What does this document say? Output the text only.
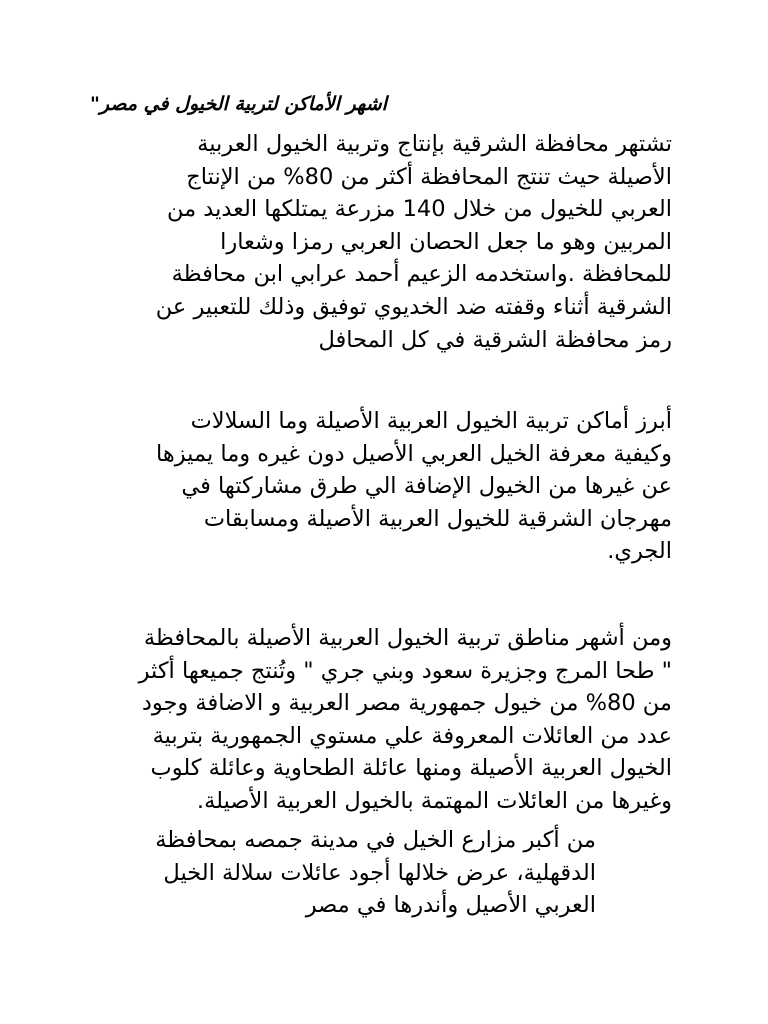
اشهر الأماكن لتربية الخيول في مصر"
تشتهر محافظة الشرقية بإنتاج وتربية الخيول العربية
الأصيلة حيث تنتج المحافظة أكثر من 80% من الإنتاج
العربي للخيول من خلال 140 مزرعة يمتلكها العديد من
المربين وهو ما جعل الحصان العربي رمزا وشعارا
للمحافظة .واستخدمه الزعيم أحمد عرابي ابن محافظة
الشرقية أثناء وقفته ضد الخديوي توفيق وذلك للتعبير عن
رمز محافظة الشرقية في كل المحافل
أبرز أماكن تربية الخيول العربية الأصيلة وما السلالات
وكيفية معرفة الخيل العربي الأصيل دون غيره وما يميزها
عن غيرها من الخيول الإضافة الي طرق مشاركتها في
مهرجان الشرقية للخيول العربية الأصيلة ومسابقات
الجري.
ومن أشهر مناطق تربية الخيول العربية الأصيلة بالمحافظة
" طحا المرج وجزيرة سعود وبني جري " وتُنتج جميعها أكثر
من 80% من خيول جمهورية مصر العربية و الاضافة وجود
عدد من العائلات المعروفة علي مستوي الجمهورية بتربية
الخيول العربية الأصيلة ومنها عائلة الطحاوية وعائلة كلوب
وغيرها من العائلات المهتمة بالخيول العربية الأصيلة.
من أكبر مزارع الخيل في مدينة جمصه بمحافظة
الدقهلية، عرض خلالها أجود عائلات سلالة الخيل
العربي الأصيل وأندرها في مصر
